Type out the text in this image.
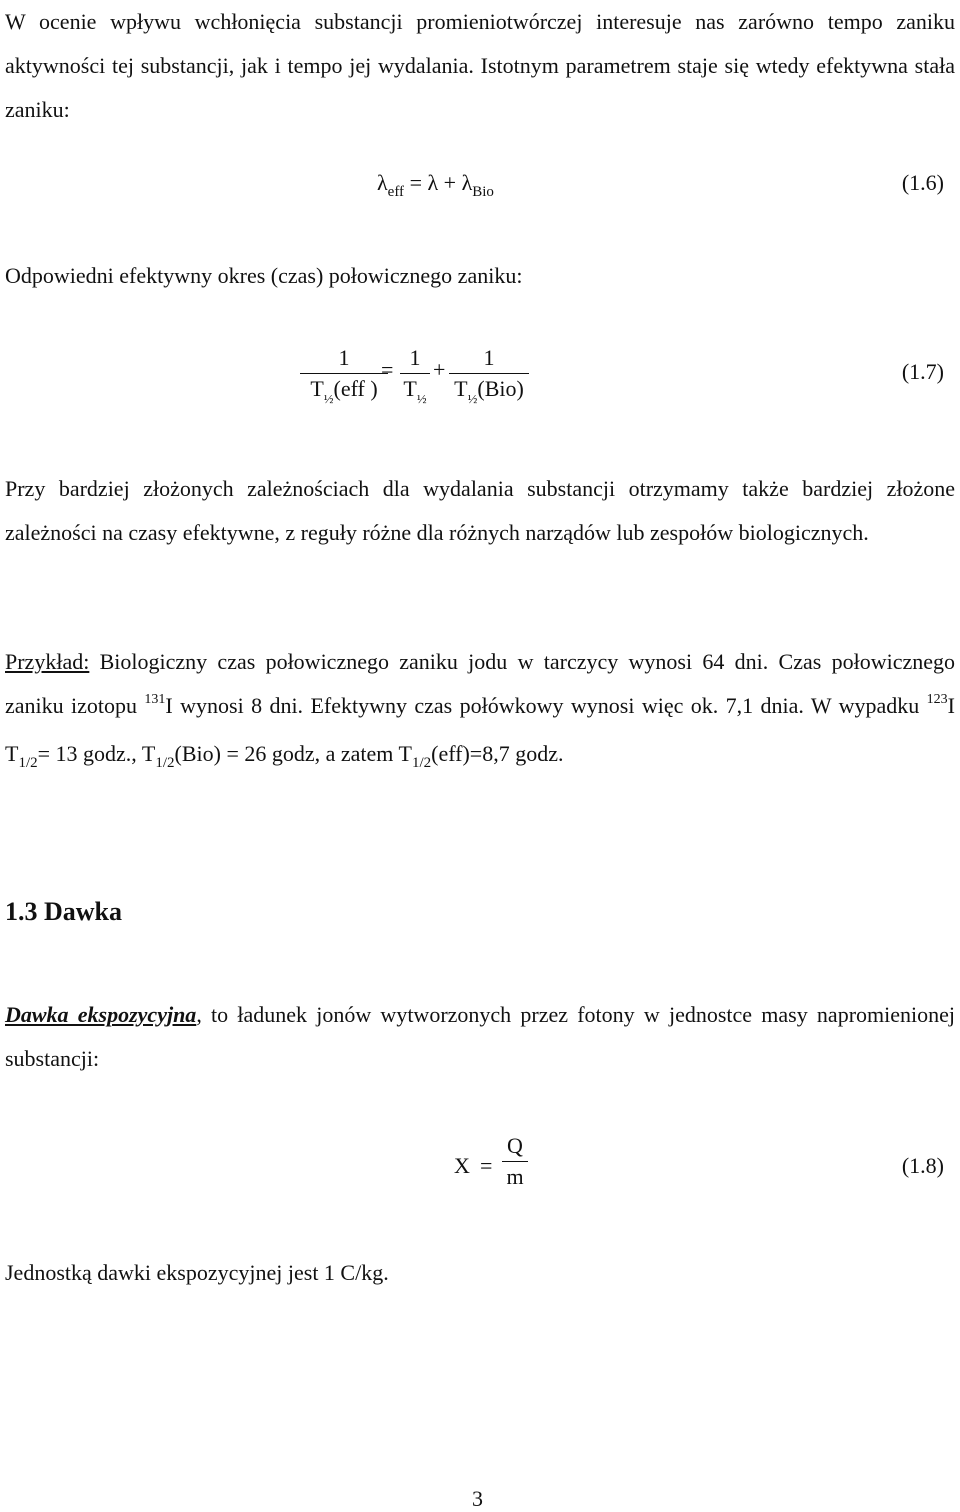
W ocenie wpływu wchłonięcia substancji promieniotwórczej interesuje nas zarówno tempo zaniku aktywności tej substancji, jak i tempo jej wydalania. Istotnym parametrem staje się wtedy efektywna stała zaniku:
$\lambda_{eff} = \lambda + \lambda_{Bio}$	(1.6)
Odpowiedni efektywny okres (czas) połowicznego zaniku:
1
$T_{\frac{1}{2}}(eff$ )
= 1
$T_{\frac{1}{2}}$
+	1
$T_{\frac{1}{2}}(Bio)$
(1.7)
Przy bardziej złożonych zależnościach dla wydalania substancji otrzymamy także bardziej złożone zależności na czasy efektywne, z reguły różne dla różnych narządów lub zespołów biologicznych.
Przykład: Biologiczny czas połowicznego zaniku jodu w tarczycy wynosi 64 dni. Czas połowicznego zaniku izotopu $^{131}$I wynosi 8 dni. Efektywny czas połówkowy wynosi więc ok. 7,1 dnia. W wypadku $^{123}$I $T_{1/2}= 13$ godz., $T_{1/2}(Bio) = 26$ godz, a zatem $T_{1/2}(eff)=8,7$ godz.
1.3 Dawka
Dawka ekspozycyjna, to ładunek jonów wytworzonych przez fotony w jednostce masy napromienionej substancji:
X =
Q
m	(1.8)
Jednostką dawki ekspozycyjnej jest 1 C/kg.
3
